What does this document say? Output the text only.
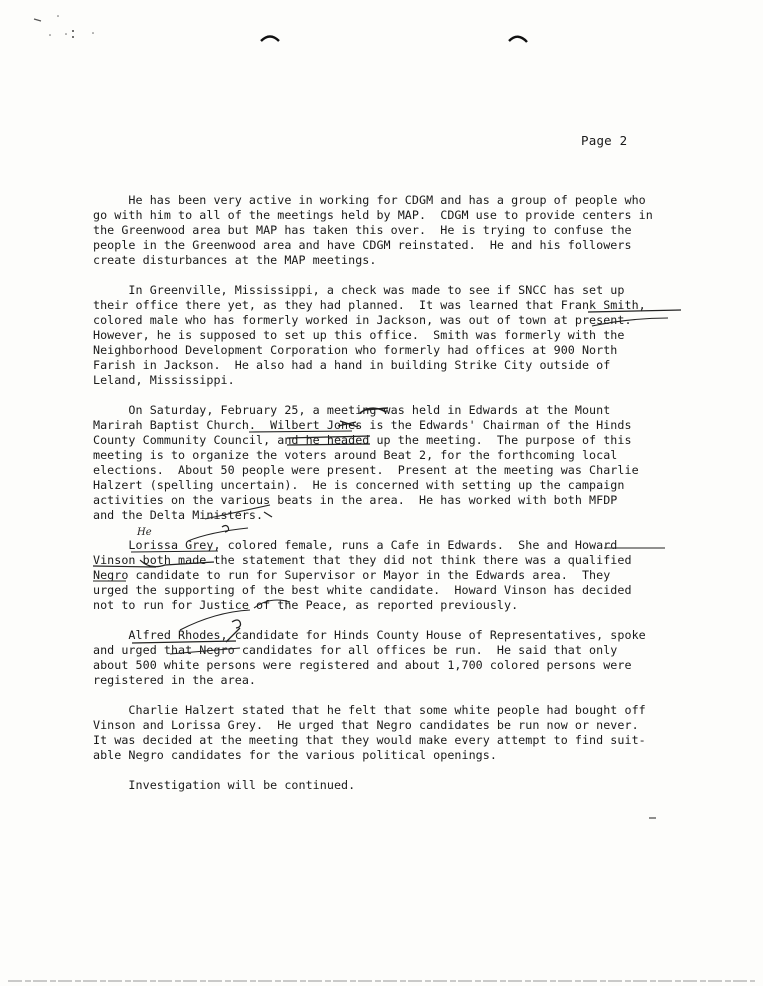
Page 2
He has been very active in working for CDGM and has a group of people who
go with him to all of the meetings held by MAP.  CDGM use to provide centers in
the Greenwood area but MAP has taken this over.  He is trying to confuse the
people in the Greenwood area and have CDGM reinstated.  He and his followers
create disturbances at the MAP meetings.
In Greenville, Mississippi, a check was made to see if SNCC has set up
their office there yet, as they had planned.  It was learned that Frank Smith,
colored male who has formerly worked in Jackson, was out of town at present.
However, he is supposed to set up this office.  Smith was formerly with the
Neighborhood Development Corporation who formerly had offices at 900 North
Farish in Jackson.  He also had a hand in building Strike City outside of
Leland, Mississippi.
On Saturday, February 25, a meeting was held in Edwards at the Mount
Marirah Baptist Church.  Wilbert Jones is the Edwards' Chairman of the Hinds
County Community Council, and he headed up the meeting.  The purpose of this
meeting is to organize the voters around Beat 2, for the forthcoming local
elections.  About 50 people were present.  Present at the meeting was Charlie
Halzert (spelling uncertain).  He is concerned with setting up the campaign
activities on the various beats in the area.  He has worked with both MFDP
and the Delta Ministers.
Lorissa Grey, colored female, runs a Cafe in Edwards.  She and Howard
Vinson both made the statement that they did not think there was a qualified
Negro candidate to run for Supervisor or Mayor in the Edwards area.  They
urged the supporting of the best white candidate.  Howard Vinson has decided
not to run for Justice of the Peace, as reported previously.
Alfred Rhodes, candidate for Hinds County House of Representatives, spoke
and urged that Negro candidates for all offices be run.  He said that only
about 500 white persons were registered and about 1,700 colored persons were
registered in the area.
Charlie Halzert stated that he felt that some white people had bought off
Vinson and Lorissa Grey.  He urged that Negro candidates be run now or never.
It was decided at the meeting that they would make every attempt to find suit-
able Negro candidates for the various political openings.
Investigation will be continued.
He
